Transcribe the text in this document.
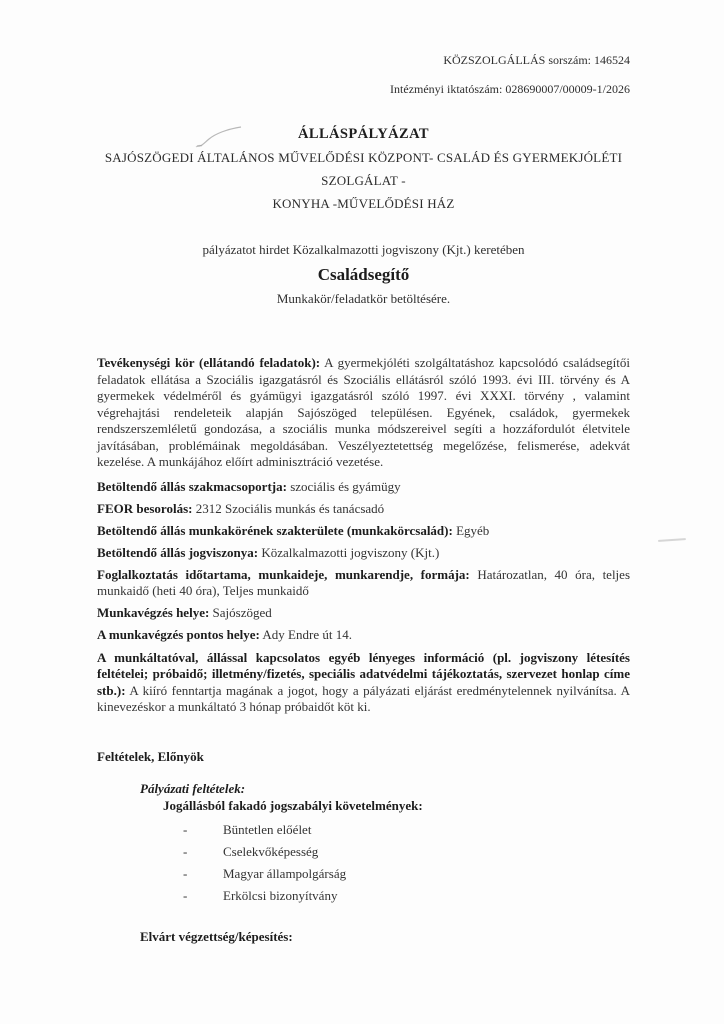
KÖZSZOLGÁLLÁS sorszám: 146524

Intézményi iktatószám: 028690007/00009-1/2026

ÁLLÁSPÁLYÁZAT

SAJÓSZÖGEDI ÁLTALÁNOS MŰVELŐDÉSI KÖZPONT- CSALÁD ÉS GYERMEKJÓLÉTI SZOLGÁLAT -
KONYHA -MŰVELŐDÉSI HÁZ

pályázatot hirdet Közalkalmazotti jogviszony (Kjt.) keretében

Családsegítő

Munkakör/feladatkör betöltésére.

Tevékenységi kör (ellátandó feladatok): A gyermekjóléti szolgáltatáshoz kapcsolódó családsegítői feladatok ellátása a Szociális igazgatásról és Szociális ellátásról szóló 1993. évi III. törvény és A gyermekek védelméről és gyámügyi igazgatásról szóló 1997. évi XXXI. törvény , valamint végrehajtási rendeleteik alapján Sajószöged településen. Egyének, családok, gyermekek rendszerszemléletű gondozása, a szociális munka módszereivel segíti a hozzáfordulót életvitele javításában, problémáinak megoldásában. Veszélyeztetettség megelőzése, felismerése, adekvát kezelése. A munkájához előírt adminisztráció vezetése.

Betöltendő állás szakmacsoportja: szociális és gyámügy

FEOR besorolás: 2312 Szociális munkás és tanácsadó

Betöltendő állás munkakörének szakterülete (munkakörcsalád): Egyéb

Betöltendő állás jogviszonya: Közalkalmazotti jogviszony (Kjt.)

Foglalkoztatás időtartama, munkaideje, munkarendje, formája: Határozatlan, 40 óra, teljes munkaidő (heti 40 óra), Teljes munkaidő

Munkavégzés helye: Sajószöged

A munkavégzés pontos helye: Ady Endre út 14.

A munkáltatóval, állással kapcsolatos egyéb lényeges információ (pl. jogviszony létesítés feltételei; próbaidő; illetmény/fizetés, speciális adatvédelmi tájékoztatás, szervezet honlap címe stb.): A kiíró fenntartja magának a jogot, hogy a pályázati eljárást eredménytelennek nyilvánítsa. A kinevezéskor a munkáltató 3 hónap próbaidőt köt ki.

Feltételek, Előnyök

Pályázati feltételek:

Jogállásból fakadó jogszabályi követelmények:

-	Büntetlen előélet
-	Cselekvőképesség
-	Magyar állampolgárság
-	Erkölcsi bizonyítvány

Elvárt végzettség/képesítés:
